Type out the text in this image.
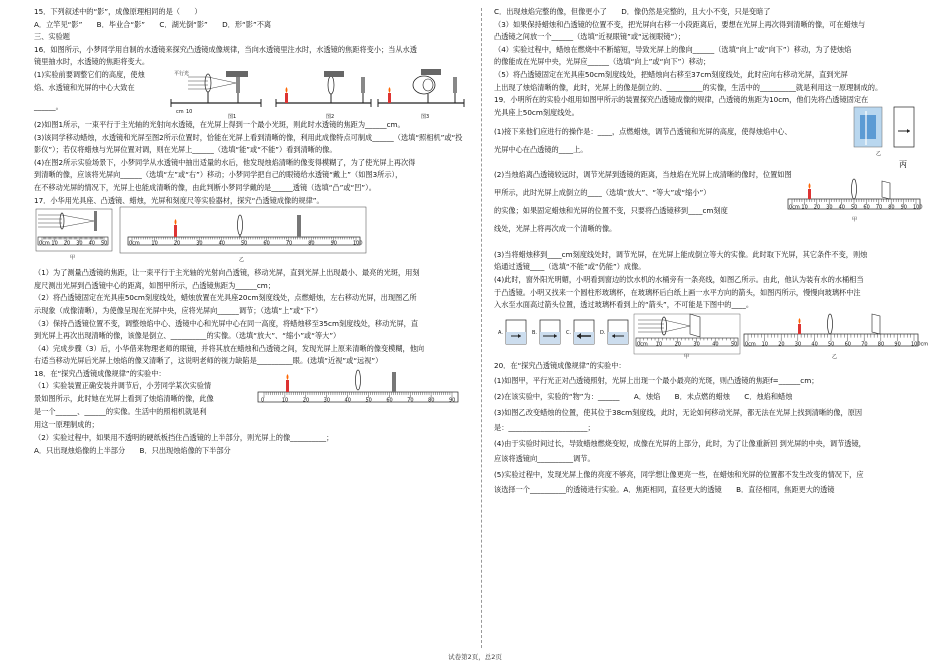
15．下列叙述中的“影”，成像原理相同的是（　　）

A．立竿见“影”　　B．毕业合“影”　　C．湖光倒“影”　　D．形“影”不离

三、实验题

16．如图所示，小梦同学用自制的水透镜来探究凸透镜成像规律，当向水透镜里注水时，水透镜的焦距将变小；当从水透

镜里抽水时，水透镜的焦距将变大。

(1)实验前要调整它们的高度，使烛

焰、水透镜和光屏的中心大致在

______。

平行光
cm 10
图1	图2	图3

(2)如图1所示，一束平行于主光轴的光射向水透镜，在光屏上得到一个最小光斑，则此时水透镜的焦距为______cm。

(3)该同学移动蜡烛，水透镜和光屏至图2所示位置时，恰能在光屏上看到清晰的像，利用此成像特点可制成______（选填“照相机”或“投

影仪”）；若仅将蜡烛与光屏位置对调，则在光屏上______（选填“能”或“不能”）看到清晰的像。

(4)在图2所示实验场景下，小梦同学从水透镜中抽出适量的水后，他发现烛焰清晰的像变得模糊了，为了使光屏上再次得

到清晰的像，应该将光屏向______（选填“左”或“右”）移动；小梦同学把自己的眼镜给水透镜“戴上”（如图3所示），

在不移动光屏的情况下，光屏上也能成清晰的像，由此判断小梦同学戴的是______透镜（选填“凸”或“凹”）。

17．小华用光具座、凸透镜、蜡烛，光屏和刻度尺等实验器材，探究“凸透镜成像的规律”。

0cm 10 20 30 40 50
甲
0cm 10	20	30	40	50	60	70	80	90	100
乙

（1）为了测量凸透镜的焦距，让一束平行于主光轴的光射向凸透镜，移动光屏，直到光屏上出现最小、最亮的光斑，用刻

度尺测出光屏到凸透镜中心的距离，如图甲所示，凸透镜焦距为______cm；

（2）将凸透镜固定在光具座50cm刻度线处，蜡烛放置在光具座20cm刻度线处，点燃蜡烛，左右移动光屏，出现图乙所

示现象（成像清晰），为使像呈现在光屏中央，应将光屏向______调节；（选填“上”或“下”）

（3）保持凸透镜位置不变，调整烛焰中心、透镜中心和光屏中心在同一高度，将蜡烛移至35cm刻度线处，移动光屏，直

到光屏上再次出现清晰的像，该像是倒立、__________的实像。（选填“放大”、“缩小”或“等大”）

（4）完成步骤（3）后，小华借来物理老师的眼镜，并将其放在蜡烛和凸透镜之间，发现光屏上原来清晰的像变模糊，他向

右适当移动光屏后光屏上烛焰的像又清晰了，这说明老师的视力缺陷是__________眼。(选填“近视”或“远视”）

18．在“探究凸透镜成像规律”的实验中：

（1）实验装置正确安装并调节后，小芳同学某次实验情

景如图所示，此时她在光屏上看到了烛焰清晰的像，此像

是一个______、______的实像。生活中的照相机就是利

用这一原理制成的；

0	10	20	30	40	50	60	70	80	90

（2）实验过程中，如果用不透明的硬纸板挡住凸透镜的上半部分，则光屏上的像__________；

A．只出现烛焰像的上半部分　　B．只出现烛焰像的下半部分

C．出现烛焰完整的像，但像更小了　　D．像仍然是完整的，且大小不变，只是变暗了

（3）如果保持蜡烛和凸透镜的位置不变，把光屏向右移一小段距离后，要想在光屏上再次得到清晰的像，可在蜡烛与

凸透镜之间放一个______（选填“近视眼镜”或“远视眼镜”）；

（4）实验过程中，蜡烛在燃烧中不断缩短，导致光屏上的像向______（选填“向上”或“向下”）移动，为了使烛焰

的像能成在光屏中央，光屏应______（选填“向上”或“向下”）移动；

（5）将凸透镜固定在光具座50cm刻度线处，把蜡烛向右移至37cm刻度线处，此时应向右移动光屏，直到光屏

上出现了烛焰清晰的像，此时，光屏上的像是倒立的、__________的实像，生活中的__________就是利用这一原理制成的。

19．小明所在的实验小组用如图甲所示的装置探究凸透镜成像的规律，凸透镜的焦距为10cm，他们先将凸透镜固定在

光具座上50cm刻度线处。

(1)接下来他们应进行的操作是：____，点燃蜡烛，调节凸透镜和光屏的高度，使得烛焰中心、

光屏中心在凸透镜的____上。

(2)当烛焰离凸透镜较远时，调节光屏到透镜的距离，当烛焰在光屏上成清晰的像时，位置如图

甲所示，此时光屏上成倒立的____（选填“放大”、“等大”或“缩小”）

的实像；如果固定蜡烛和光屏的位置不变，只要将凸透镜移到____cm刻度

线处，光屏上将再次成一个清晰的像。

乙
丙
0cm 10 20 30 40 50 60 70 80 90 100
甲

(3)当将蜡烛移到____cm刻度线处时，调节光屏，在光屏上能成倒立等大的实像。此时取下光屏，其它条件不变，则烛

焰通过透镜____（选填“不能”或“仍能”）成像。

(4)此时，窗外阳光明媚，小明看到窗边的饮水机的水桶旁有一条亮线，如图乙所示。由此，他认为装有水的水桶相当

于凸透镜。小明又找来一个圆柱形玻璃杯，在玻璃杯后白纸上画一水平方向的箭头，如图丙所示，慢慢向玻璃杯中注

入水至水面高过箭头位置，透过玻璃杯看到上的“箭头”，不可能是下图中的____。

A.	B.	C.	D.
0cm 10 20 30 40 50
甲
0cm 10 20 30 40 50 60 70 80 90 100cm
乙

20．在“探究凸透镜成像规律”的实验中：

(1)如图甲，平行光正对凸透镜照射，光屏上出现一个最小最亮的光斑，则凸透镜的焦距f=______cm；

(2)在该实验中，实验的“物”为：______　　A．烛焰　　B．未点燃的蜡烛　　C．烛焰和蜡烛

(3)如图乙改变蜡烛的位置，使其位于38cm刻度线，此时，无论如何移动光屏，都无法在光屏上找到清晰的像，原因

是：______________________；

(4)由于实验时间过长，导致蜡烛燃烧变短，成像在光屏的上部分，此时，为了让像重新回 到光屏的中央，调节透镜，

应该将透镜向__________调节。

(5)实验过程中，发现光屏上像的亮度不够亮，同学想让像更亮一些，在蜡烛和光屏的位置都不发生改变的情况下，应

该选择一个__________的透镜进行实验。A．焦距相同，直径更大的透镜　　B．直径相同，焦距更大的透镜

试卷第2页，总2页
